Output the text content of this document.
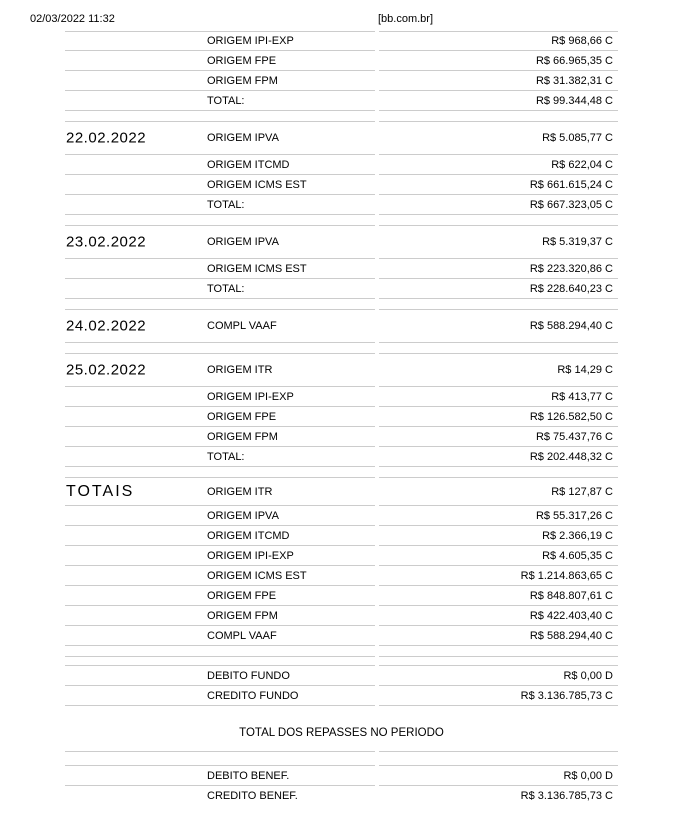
02/03/2022 11:32	[bb.com.br]
ORIGEM IPI-EXP	R$ 968,66 C
ORIGEM FPE	R$ 66.965,35 C
ORIGEM FPM	R$ 31.382,31 C
TOTAL:	R$ 99.344,48 C
22.02.2022	ORIGEM IPVA	R$ 5.085,77 C
ORIGEM ITCMD	R$ 622,04 C
ORIGEM ICMS EST	R$ 661.615,24 C
TOTAL:	R$ 667.323,05 C
23.02.2022	ORIGEM IPVA	R$ 5.319,37 C
ORIGEM ICMS EST	R$ 223.320,86 C
TOTAL:	R$ 228.640,23 C
24.02.2022	COMPL VAAF	R$ 588.294,40 C
25.02.2022	ORIGEM ITR	R$ 14,29 C
ORIGEM IPI-EXP	R$ 413,77 C
ORIGEM FPE	R$ 126.582,50 C
ORIGEM FPM	R$ 75.437,76 C
TOTAL:	R$ 202.448,32 C
TOTAIS	ORIGEM ITR	R$ 127,87 C
ORIGEM IPVA	R$ 55.317,26 C
ORIGEM ITCMD	R$ 2.366,19 C
ORIGEM IPI-EXP	R$ 4.605,35 C
ORIGEM ICMS EST	R$ 1.214.863,65 C
ORIGEM FPE	R$ 848.807,61 C
ORIGEM FPM	R$ 422.403,40 C
COMPL VAAF	R$ 588.294,40 C
DEBITO FUNDO	R$ 0,00 D
CREDITO FUNDO	R$ 3.136.785,73 C
TOTAL DOS REPASSES NO PERIODO
DEBITO BENEF.	R$ 0,00 D
CREDITO BENEF.	R$ 3.136.785,73 C
